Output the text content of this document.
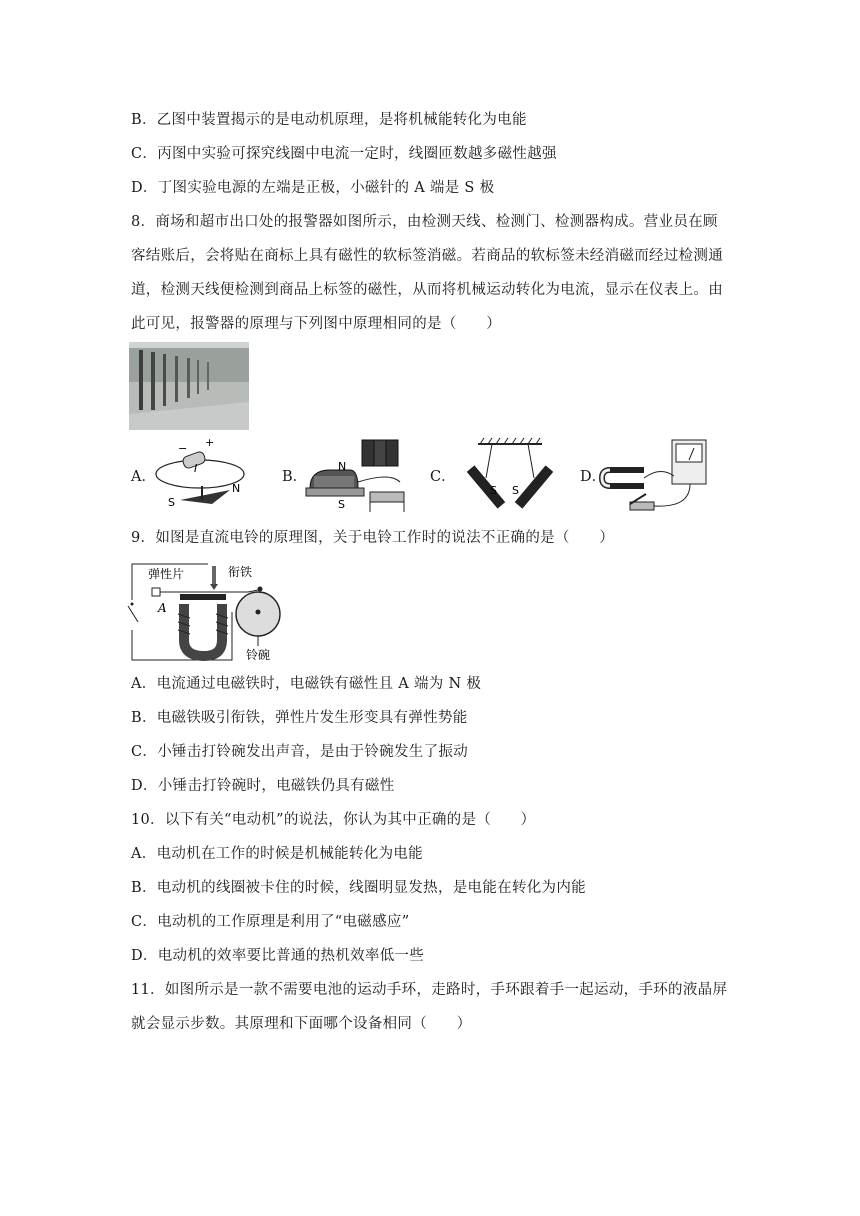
B．乙图中装置揭示的是电动机原理，是将机械能转化为电能
C．丙图中实验可探究线圈中电流一定时，线圈匝数越多磁性越强
D．丁图实验电源的左端是正极，小磁针的 A 端是 S 极
8．商场和超市出口处的报警器如图所示，由检测天线、检测门、检测器构成。营业员在顾
客结账后，会将贴在商标上具有磁性的软标签消磁。若商品的软标签未经消磁而经过检测通
道，检测天线便检测到商品上标签的磁性，从而将机械运动转化为电流，显示在仪表上。由
此可见，报警器的原理与下列图中原理相同的是（　　）
A．
− +
I
S
N
B．
N
S
C．
S S
D．
9．如图是直流电铃的原理图，关于电铃工作时的说法不正确的是（　　）
弹性片	衔铁
A
铃碗
A．电流通过电磁铁时，电磁铁有磁性且 A 端为 N 极
B．电磁铁吸引衔铁，弹性片发生形变具有弹性势能
C．小锤击打铃碗发出声音，是由于铃碗发生了振动
D．小锤击打铃碗时，电磁铁仍具有磁性
10．以下有关“电动机”的说法，你认为其中正确的是（　　）
A．电动机在工作的时候是机械能转化为电能
B．电动机的线圈被卡住的时候，线圈明显发热，是电能在转化为内能
C．电动机的工作原理是利用了“电磁感应”
D．电动机的效率要比普通的热机效率低一些
11．如图所示是一款不需要电池的运动手环，走路时，手环跟着手一起运动，手环的液晶屏
就会显示步数。其原理和下面哪个设备相同（　　）
